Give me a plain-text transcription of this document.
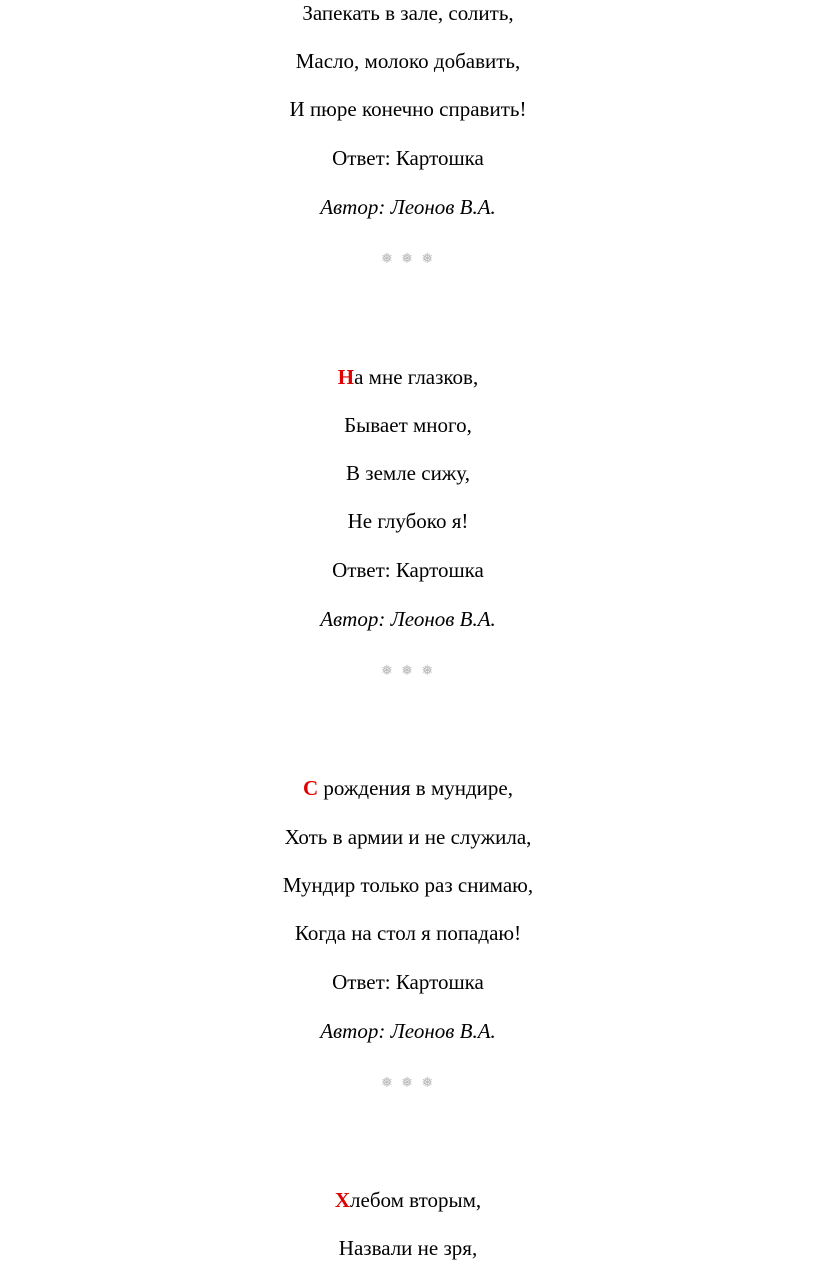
Запекать в зале, солить,
Масло, молоко добавить,
И пюре конечно справить!
Ответ: Картошка
Автор: Леонов В.А.
❅ ❅ ❅
На мне глазков,
Бывает много,
В земле сижу,
Не глубоко я!
Ответ: Картошка
Автор: Леонов В.А.
❅ ❅ ❅
С рождения в мундире,
Хоть в армии и не служила,
Мундир только раз снимаю,
Когда на стол я попадаю!
Ответ: Картошка
Автор: Леонов В.А.
❅ ❅ ❅
Хлебом вторым,
Назвали не зря,
